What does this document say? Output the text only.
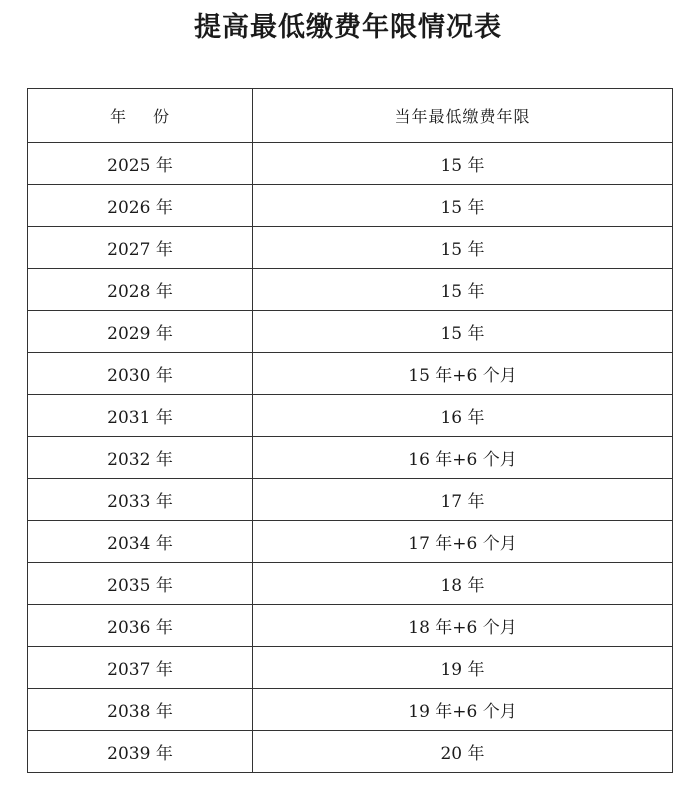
提高最低缴费年限情况表
年 份	当年最低缴费年限
2025 年	15 年
2026 年	15 年
2027 年	15 年
2028 年	15 年
2029 年	15 年
2030 年	15 年+6 个月
2031 年	16 年
2032 年	16 年+6 个月
2033 年	17 年
2034 年	17 年+6 个月
2035 年	18 年
2036 年	18 年+6 个月
2037 年	19 年
2038 年	19 年+6 个月
2039 年	20 年
